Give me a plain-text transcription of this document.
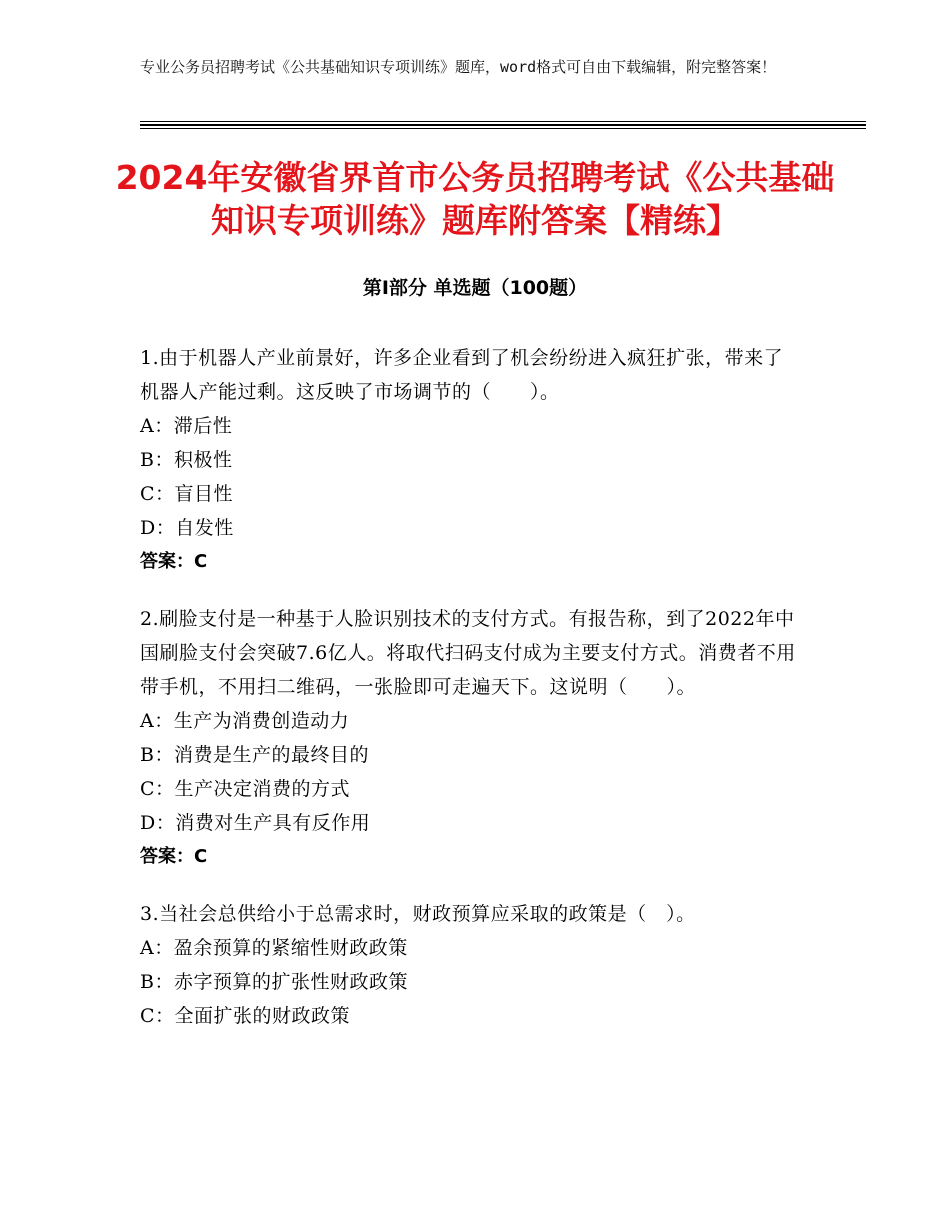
专业公务员招聘考试《公共基础知识专项训练》题库，word格式可自由下载编辑，附完整答案！
2024年安徽省界首市公务员招聘考试《公共基础知识专项训练》题库附答案【精练】
第Ⅰ部分 单选题（100题）
1.由于机器人产业前景好，许多企业看到了机会纷纷进入疯狂扩张，带来了机器人产能过剩。这反映了市场调节的（　　）。
A：滞后性
B：积极性
C：盲目性
D：自发性
答案：C
2.刷脸支付是一种基于人脸识别技术的支付方式。有报告称，到了2022年中国刷脸支付会突破7.6亿人。将取代扫码支付成为主要支付方式。消费者不用带手机，不用扫二维码，一张脸即可走遍天下。这说明（　　）。
A：生产为消费创造动力
B：消费是生产的最终目的
C：生产决定消费的方式
D：消费对生产具有反作用
答案：C
3.当社会总供给小于总需求时，财政预算应采取的政策是（　）。
A：盈余预算的紧缩性财政政策
B：赤字预算的扩张性财政政策
C：全面扩张的财政政策
